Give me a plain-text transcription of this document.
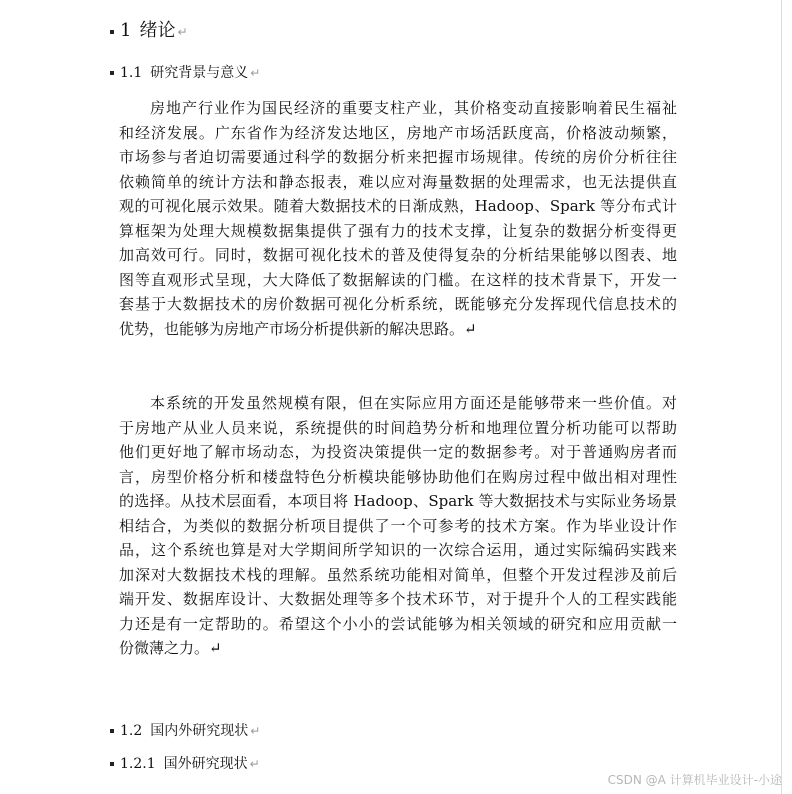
1 绪论 ↵
1.1 研究背景与意义 ↵
房地产行业作为国民经济的重要支柱产业，其价格变动直接影响着民生福祉
和经济发展。广东省作为经济发达地区，房地产市场活跃度高，价格波动频繁，
市场参与者迫切需要通过科学的数据分析来把握市场规律。传统的房价分析往往
依赖简单的统计方法和静态报表，难以应对海量数据的处理需求，也无法提供直
观的可视化展示效果。随着大数据技术的日渐成熟，Hadoop、Spark 等分布式计
算框架为处理大规模数据集提供了强有力的技术支撑，让复杂的数据分析变得更
加高效可行。同时，数据可视化技术的普及使得复杂的分析结果能够以图表、地
图等直观形式呈现，大大降低了数据解读的门槛。在这样的技术背景下，开发一
套基于大数据技术的房价数据可视化分析系统，既能够充分发挥现代信息技术的
优势，也能够为房地产市场分析提供新的解决思路。↵
本系统的开发虽然规模有限，但在实际应用方面还是能够带来一些价值。对
于房地产从业人员来说，系统提供的时间趋势分析和地理位置分析功能可以帮助
他们更好地了解市场动态，为投资决策提供一定的数据参考。对于普通购房者而
言，房型价格分析和楼盘特色分析模块能够协助他们在购房过程中做出相对理性
的选择。从技术层面看，本项目将 Hadoop、Spark 等大数据技术与实际业务场景
相结合，为类似的数据分析项目提供了一个可参考的技术方案。作为毕业设计作
品，这个系统也算是对大学期间所学知识的一次综合运用，通过实际编码实践来
加深对大数据技术栈的理解。虽然系统功能相对简单，但整个开发过程涉及前后
端开发、数据库设计、大数据处理等多个技术环节，对于提升个人的工程实践能
力还是有一定帮助的。希望这个小小的尝试能够为相关领域的研究和应用贡献一
份微薄之力。↵
1.2 国内外研究现状 ↵
1.2.1 国外研究现状 ↵
CSDN @A 计算机毕业设计-小途
